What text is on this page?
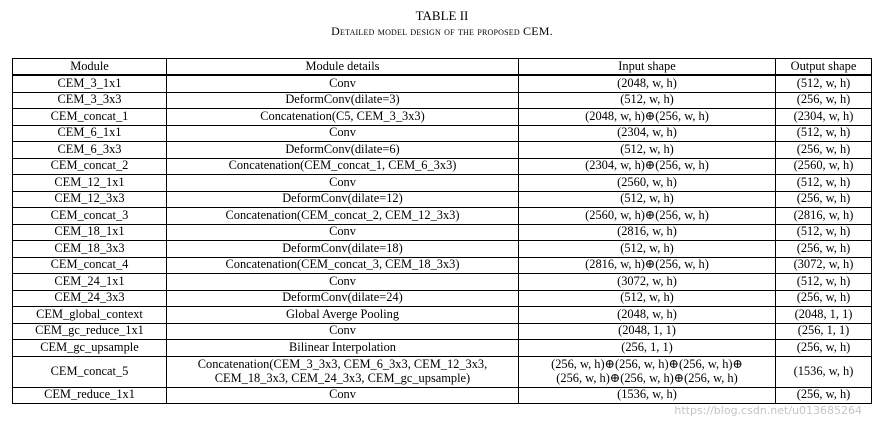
TABLE II
Detailed model design of the proposed CEM.
Module	Module details	Input shape	Output shape
CEM_3_1x1	Conv	(2048, w, h)	(512, w, h)
CEM_3_3x3	DeformConv(dilate=3)	(512, w, h)	(256, w, h)
CEM_concat_1	Concatenation(C5, CEM_3_3x3)	(2048, w, h)⊕(256, w, h)	(2304, w, h)
CEM_6_1x1	Conv	(2304, w, h)	(512, w, h)
CEM_6_3x3	DeformConv(dilate=6)	(512, w, h)	(256, w, h)
CEM_concat_2	Concatenation(CEM_concat_1, CEM_6_3x3)	(2304, w, h)⊕(256, w, h)	(2560, w, h)
CEM_12_1x1	Conv	(2560, w, h)	(512, w, h)
CEM_12_3x3	DeformConv(dilate=12)	(512, w, h)	(256, w, h)
CEM_concat_3	Concatenation(CEM_concat_2, CEM_12_3x3)	(2560, w, h)⊕(256, w, h)	(2816, w, h)
CEM_18_1x1	Conv	(2816, w, h)	(512, w, h)
CEM_18_3x3	DeformConv(dilate=18)	(512, w, h)	(256, w, h)
CEM_concat_4	Concatenation(CEM_concat_3, CEM_18_3x3)	(2816, w, h)⊕(256, w, h)	(3072, w, h)
CEM_24_1x1	Conv	(3072, w, h)	(512, w, h)
CEM_24_3x3	DeformConv(dilate=24)	(512, w, h)	(256, w, h)
CEM_global_context	Global Averge Pooling	(2048, w, h)	(2048, 1, 1)
CEM_gc_reduce_1x1	Conv	(2048, 1, 1)	(256, 1, 1)
CEM_gc_upsample	Bilinear Interpolation	(256, 1, 1)	(256, w, h)
CEM_concat_5	Concatenation(CEM_3_3x3, CEM_6_3x3, CEM_12_3x3,
CEM_18_3x3, CEM_24_3x3, CEM_gc_upsample)	(256, w, h)⊕(256, w, h)⊕(256, w, h)⊕
(256, w, h)⊕(256, w, h)⊕(256, w, h)	(1536, w, h)
CEM_reduce_1x1	Conv	(1536, w, h)	(256, w, h)
https://blog.csdn.net/u013685264
